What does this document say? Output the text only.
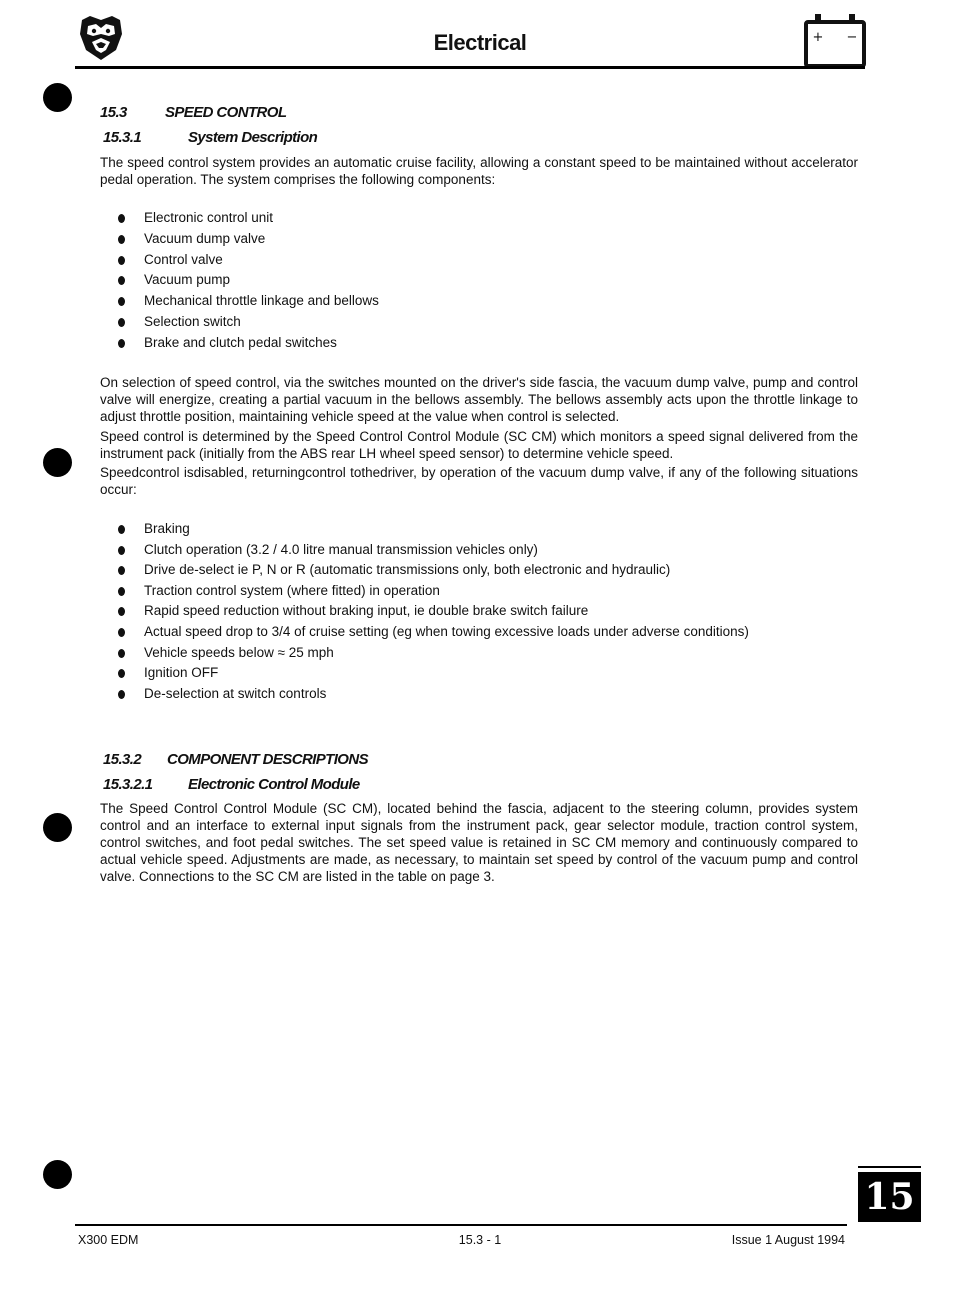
Electrical	+ −
15.3	SPEED CONTROL
15.3.1	System Description
The speed control system provides an automatic cruise facility, allowing a constant speed to be maintained without accelerator pedal operation. The system comprises the following components:
Electronic control unit
Vacuum dump valve
Control valve
Vacuum pump
Mechanical throttle linkage and bellows
Selection switch
Brake and clutch pedal switches
On selection of speed control, via the switches mounted on the driver's side fascia, the vacuum dump valve, pump and control valve will energize, creating a partial vacuum in the bellows assembly. The bellows assembly acts upon the throttle linkage to adjust throttle position, maintaining vehicle speed at the value when control is selected.
Speed control is determined by the Speed Control Control Module (SC CM) which monitors a speed signal delivered from the instrument pack (initially from the ABS rear LH wheel speed sensor) to determine vehicle speed.
Speedcontrol isdisabled, returningcontrol tothedriver, by operation of the vacuum dump valve, if any of the following situations occur:
Braking
Clutch operation (3.2 / 4.0 litre manual transmission vehicles only)
Drive de-select ie P, N or R (automatic transmissions only, both electronic and hydraulic)
Traction control system (where fitted) in operation
Rapid speed reduction without braking input, ie double brake switch failure
Actual speed drop to 3/4 of cruise setting (eg when towing excessive loads under adverse conditions)
Vehicle speeds below ≈ 25 mph
Ignition OFF
De-selection at switch controls
15.3.2 COMPONENT DESCRIPTIONS
15.3.2.1 Electronic Control Module
The Speed Control Control Module (SC CM), located behind the fascia, adjacent to the steering column, provides system control and an interface to external input signals from the instrument pack, gear selector module, traction control system, control switches, and foot pedal switches. The set speed value is retained in SC CM memory and continuously compared to actual vehicle speed. Adjustments are made, as necessary, to maintain set speed by control of the vacuum pump and control valve. Connections to the SC CM are listed in the table on page 3.
15
X300 EDM	15.3 - 1	Issue 1 August 1994
